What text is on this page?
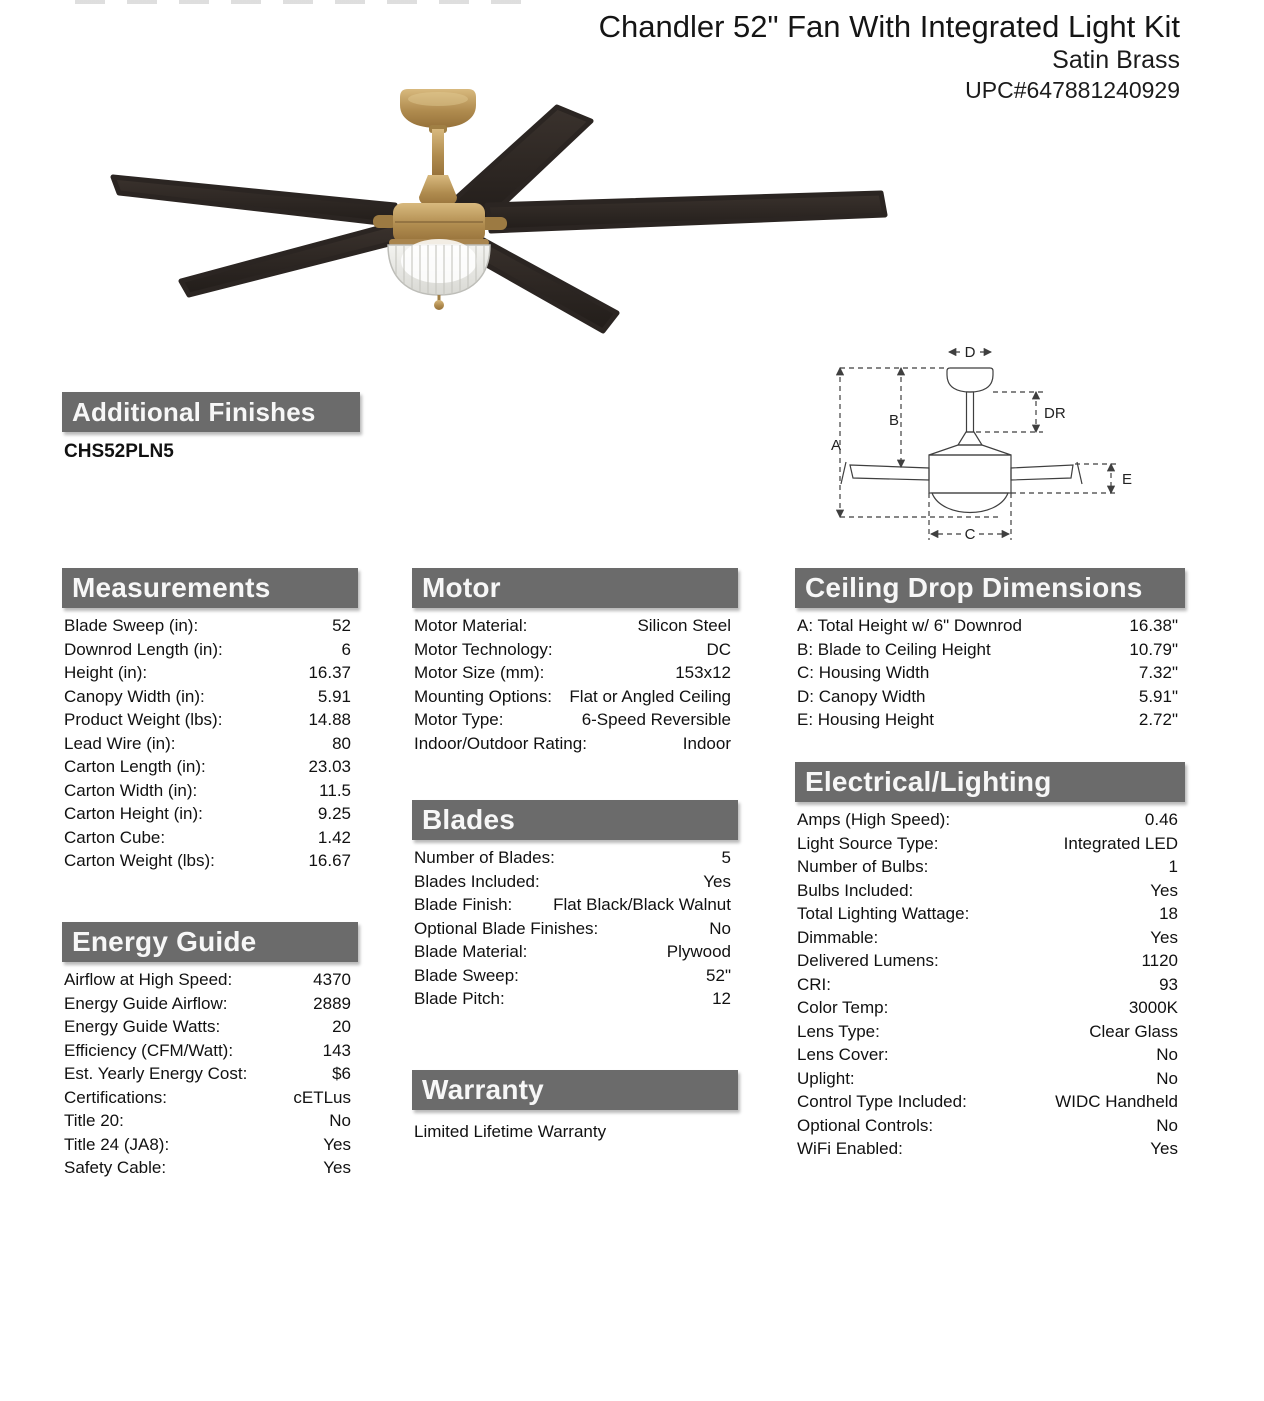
Chandler 52" Fan With Integrated Light Kit
Satin Brass
UPC#647881240929
D
A
B	DR
E
C
Additional Finishes
CHS52PLN5
Measurements
Blade Sweep (in):	52
Downrod Length (in):	6
Height (in):	16.37
Canopy Width (in):	5.91
Product Weight (lbs):	14.88
Lead Wire (in):	80
Carton Length (in):	23.03
Carton Width (in):	11.5
Carton Height (in):	9.25
Carton Cube:	1.42
Carton Weight (lbs):	16.67
Energy Guide
Airflow at High Speed:	4370
Energy Guide Airflow:	2889
Energy Guide Watts:	20
Efficiency (CFM/Watt):	143
Est. Yearly Energy Cost:	$6
Certifications:	cETLus
Title 20:	No
Title 24 (JA8):	Yes
Safety Cable:	Yes
Motor
Motor Material:	Silicon Steel
Motor Technology:	DC
Motor Size (mm):	153x12
Mounting Options:	Flat or Angled Ceiling
Motor Type:	6-Speed Reversible
Indoor/Outdoor Rating:	Indoor
Blades
Number of Blades:	5
Blades Included:	Yes
Blade Finish:	Flat Black/Black Walnut
Optional Blade Finishes:	No
Blade Material:	Plywood
Blade Sweep:	52"
Blade Pitch:	12
Warranty
Limited Lifetime Warranty
Ceiling Drop Dimensions
A: Total Height w/ 6" Downrod	16.38"
B: Blade to Ceiling Height	10.79"
C: Housing Width	7.32"
D: Canopy Width	5.91"
E: Housing Height	2.72"
Electrical/Lighting
Amps (High Speed):	0.46
Light Source Type:	Integrated LED
Number of Bulbs:	1
Bulbs Included:	Yes
Total Lighting Wattage:	18
Dimmable:	Yes
Delivered Lumens:	1120
CRI:	93
Color Temp:	3000K
Lens Type:	Clear Glass
Lens Cover:	No
Uplight:	No
Control Type Included:	WIDC Handheld
Optional Controls:	No
WiFi Enabled:	Yes
